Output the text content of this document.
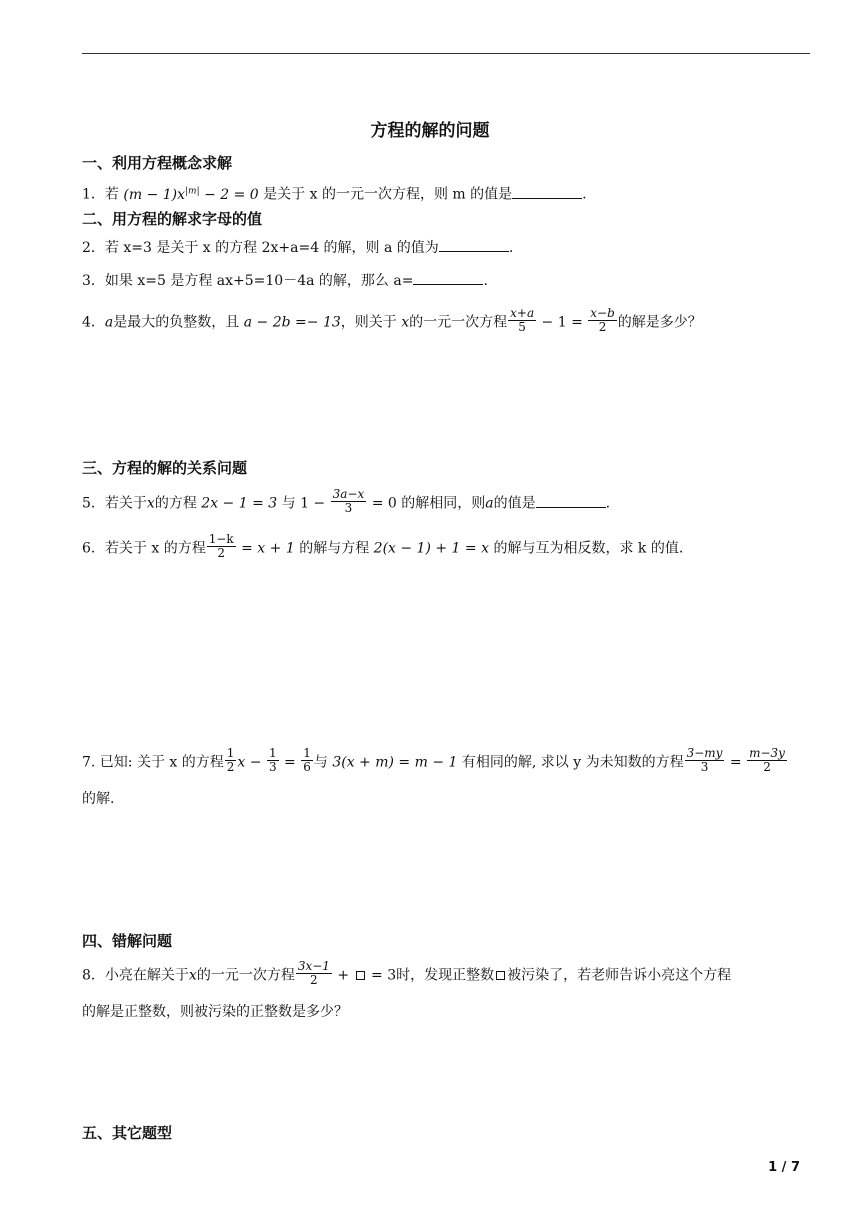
方程的解的问题
一、利用方程概念求解
1．若 $(m - 1)x^{|m|} - 2 = 0$ 是关于 x 的一元一次方程，则 m 的值是	.
二、用方程的解求字母的值
2．若 x=3 是关于 x 的方程 2x+a=4 的解，则 a 的值为	.
3．如果 x=5 是方程 ax+5=10－4a 的解，那么 a=	.
4．a是最大的负整数，且 a − 2b =− 13，则关于 x的一元一次方程 $\frac{x+a}{5} - 1 = \frac{x-b}{2}$ 的解是多少？
三、方程的解的关系问题
5．若关于x的方程 2x − 1 = 3 与 $1 - \frac{3a-x}{3} = 0$ 的解相同，则a的值是	.
6．若关于 x 的方程 $\frac{1-k}{2} = x + 1$ 的解与方程 2(x − 1) + 1 = x 的解与互为相反数，求 k 的值.
7. 已知: 关于 x 的方程 $\frac{1}{2}$ $x - \frac{1}{3} = \frac{1}{6}$ 与 3(x + m) = m − 1 有相同的解, 求以 y 为未知数的方程 $\frac{3-my}{3} = \frac{m-3y}{2}$
的解.
四、错解问题
8．小亮在解关于x的一元一次方程 $\frac{3x-1}{2}$ +  = 3时，发现正整数 被污染了，若老师告诉小亮这个方程
的解是正整数，则被污染的正整数是多少？
五、其它题型
1 / 7
